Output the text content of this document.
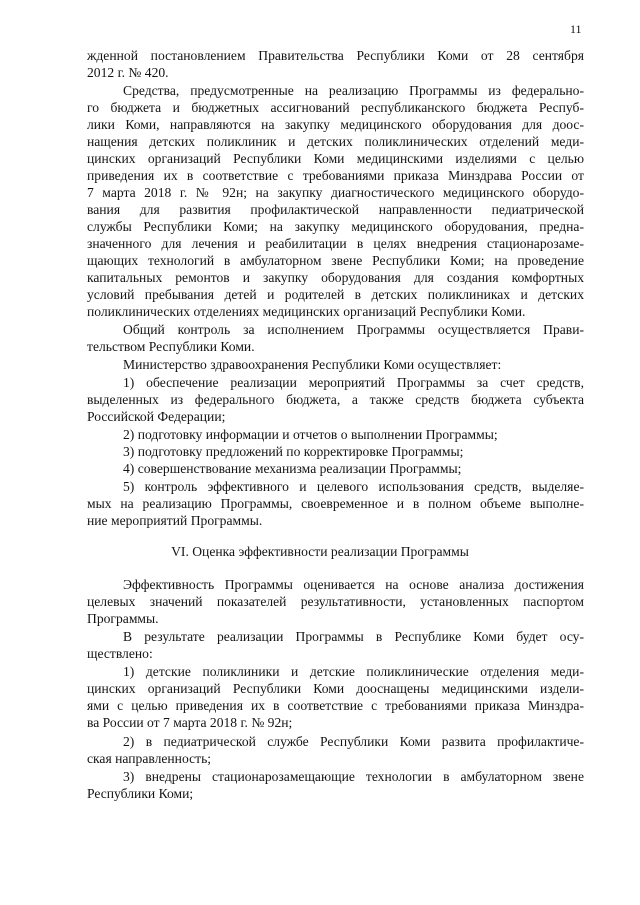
11
жденной постановлением Правительства Республики Коми от 28 сентября
2012 г. № 420.
Средства, предусмотренные на реализацию Программы из федерально-
го бюджета и бюджетных ассигнований республиканского бюджета Респуб-
лики Коми, направляются на закупку медицинского оборудования для доос-
нащения детских поликлиник и детских поликлинических отделений меди-
цинских организаций Республики Коми медицинскими изделиями с целью
приведения их в соответствие с требованиями приказа Минздрава России от
7 марта 2018 г. № 92н; на закупку диагностического медицинского оборудо-
вания для развития профилактической направленности педиатрической
службы Республики Коми; на закупку медицинского оборудования, предна-
значенного для лечения и реабилитации в целях внедрения стационарозаме-
щающих технологий в амбулаторном звене Республики Коми; на проведение
капитальных ремонтов и закупку оборудования для создания комфортных
условий пребывания детей и родителей в детских поликлиниках и детских
поликлинических отделениях медицинских организаций Республики Коми.
Общий контроль за исполнением Программы осуществляется Прави-
тельством Республики Коми.
Министерство здравоохранения Республики Коми осуществляет:
1) обеспечение реализации мероприятий Программы за счет средств,
выделенных из федерального бюджета, а также средств бюджета субъекта
Российской Федерации;
2) подготовку информации и отчетов о выполнении Программы;
3) подготовку предложений по корректировке Программы;
4) совершенствование механизма реализации Программы;
5) контроль эффективного и целевого использования средств, выделяе-
мых на реализацию Программы, своевременное и в полном объеме выполне-
ние мероприятий Программы.
VI. Оценка эффективности реализации Программы
Эффективность Программы оценивается на основе анализа достижения
целевых значений показателей результативности, установленных паспортом
Программы.
В результате реализации Программы в Республике Коми будет осу-
ществлено:
1) детские поликлиники и детские поликлинические отделения меди-
цинских организаций Республики Коми дооснащены медицинскими издели-
ями с целью приведения их в соответствие с требованиями приказа Минздра-
ва России от 7 марта 2018 г. № 92н;
2) в педиатрической службе Республики Коми развита профилактиче-
ская направленность;
3) внедрены стационарозамещающие технологии в амбулаторном звене
Республики Коми;
